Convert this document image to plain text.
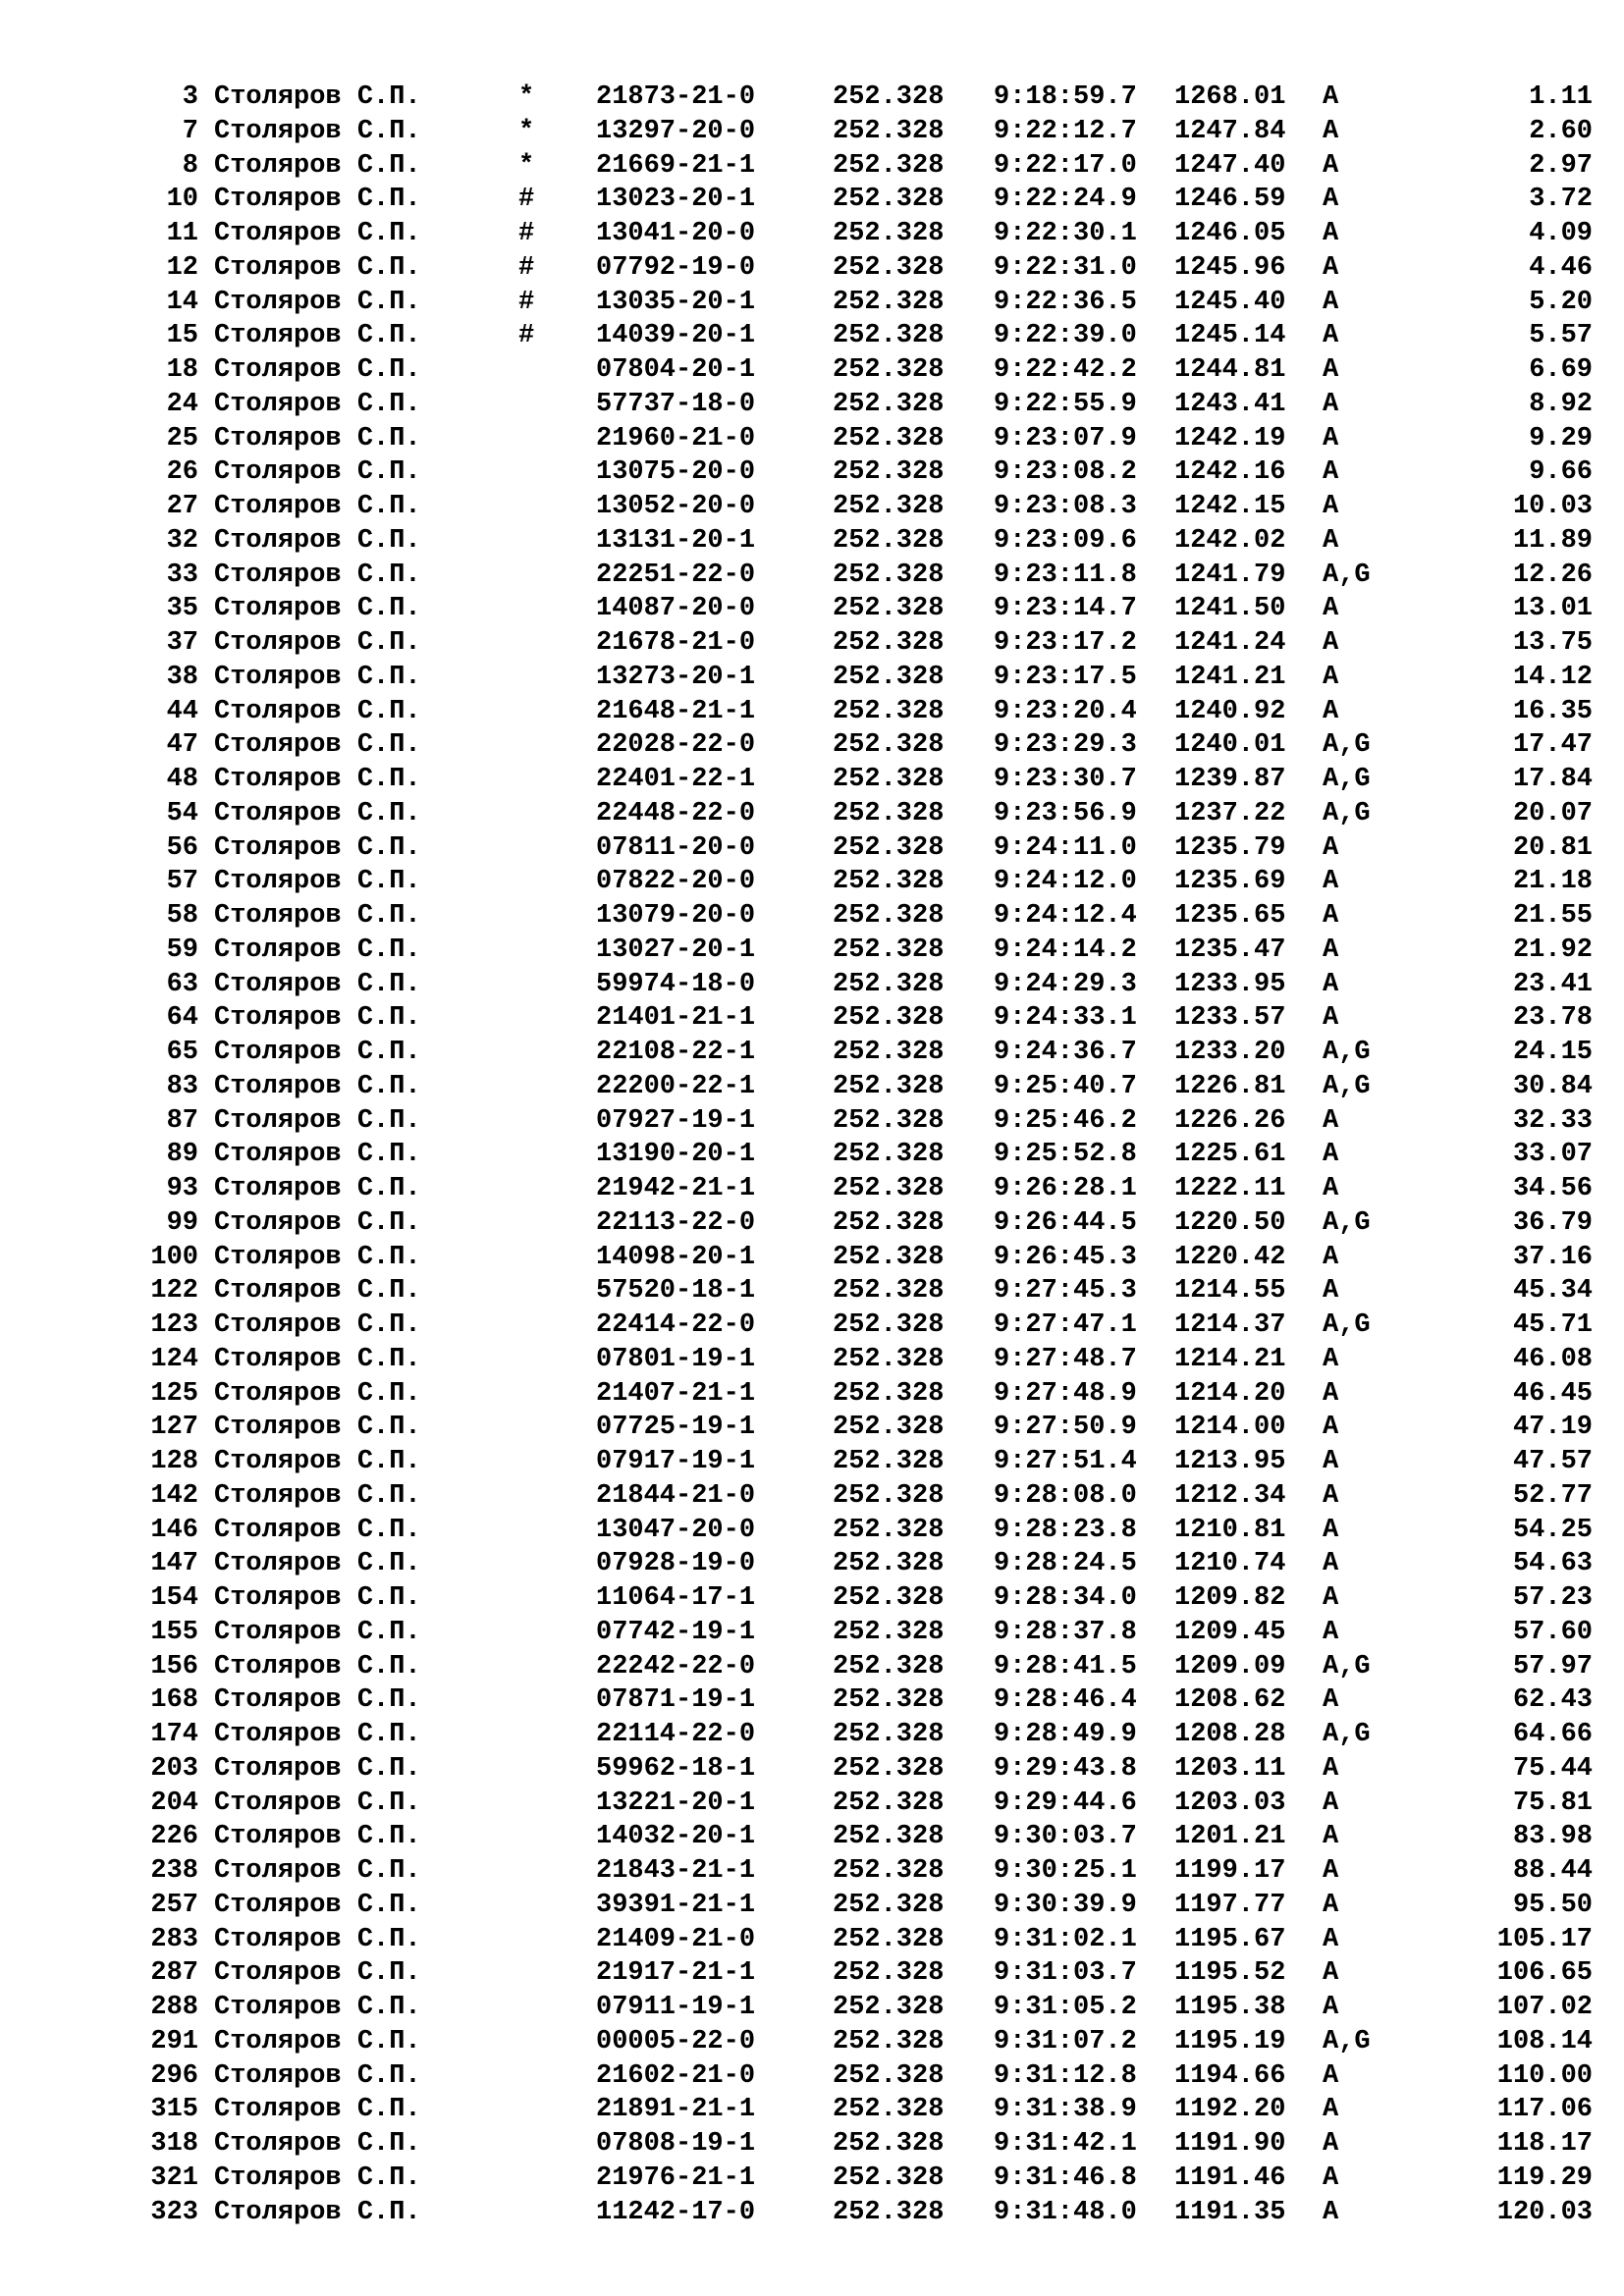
3 Столяров С.П.	* 21873-21-0	252.328 9:18:59.7 1268.01 A	1.11
7 Столяров С.П.	* 13297-20-0	252.328 9:22:12.7 1247.84 A	2.60
8 Столяров С.П.	* 21669-21-1	252.328 9:22:17.0 1247.40 A	2.97
10 Столяров С.П.	# 13023-20-1	252.328 9:22:24.9 1246.59 A	3.72
11 Столяров С.П.	# 13041-20-0	252.328 9:22:30.1 1246.05 A	4.09
12 Столяров С.П.	# 07792-19-0	252.328 9:22:31.0 1245.96 A	4.46
14 Столяров С.П.	# 13035-20-1	252.328 9:22:36.5 1245.40 A	5.20
15 Столяров С.П.	# 14039-20-1	252.328 9:22:39.0 1245.14 A	5.57
18 Столяров С.П.	07804-20-1	252.328 9:22:42.2 1244.81 A	6.69
24 Столяров С.П.	57737-18-0	252.328 9:22:55.9 1243.41 A	8.92
25 Столяров С.П.	21960-21-0	252.328 9:23:07.9 1242.19 A	9.29
26 Столяров С.П.	13075-20-0	252.328 9:23:08.2 1242.16 A	9.66
27 Столяров С.П.	13052-20-0	252.328 9:23:08.3 1242.15 A	10.03
32 Столяров С.П.	13131-20-1	252.328 9:23:09.6 1242.02 A	11.89
33 Столяров С.П.	22251-22-0	252.328 9:23:11.8 1241.79 A,G	12.26
35 Столяров С.П.	14087-20-0	252.328 9:23:14.7 1241.50 A	13.01
37 Столяров С.П.	21678-21-0	252.328 9:23:17.2 1241.24 A	13.75
38 Столяров С.П.	13273-20-1	252.328 9:23:17.5 1241.21 A	14.12
44 Столяров С.П.	21648-21-1	252.328 9:23:20.4 1240.92 A	16.35
47 Столяров С.П.	22028-22-0	252.328 9:23:29.3 1240.01 A,G	17.47
48 Столяров С.П.	22401-22-1	252.328 9:23:30.7 1239.87 A,G	17.84
54 Столяров С.П.	22448-22-0	252.328 9:23:56.9 1237.22 A,G	20.07
56 Столяров С.П.	07811-20-0	252.328 9:24:11.0 1235.79 A	20.81
57 Столяров С.П.	07822-20-0	252.328 9:24:12.0 1235.69 A	21.18
58 Столяров С.П.	13079-20-0	252.328 9:24:12.4 1235.65 A	21.55
59 Столяров С.П.	13027-20-1	252.328 9:24:14.2 1235.47 A	21.92
63 Столяров С.П.	59974-18-0	252.328 9:24:29.3 1233.95 A	23.41
64 Столяров С.П.	21401-21-1	252.328 9:24:33.1 1233.57 A	23.78
65 Столяров С.П.	22108-22-1	252.328 9:24:36.7 1233.20 A,G	24.15
83 Столяров С.П.	22200-22-1	252.328 9:25:40.7 1226.81 A,G	30.84
87 Столяров С.П.	07927-19-1	252.328 9:25:46.2 1226.26 A	32.33
89 Столяров С.П.	13190-20-1	252.328 9:25:52.8 1225.61 A	33.07
93 Столяров С.П.	21942-21-1	252.328 9:26:28.1 1222.11 A	34.56
99 Столяров С.П.	22113-22-0	252.328 9:26:44.5 1220.50 A,G	36.79
100 Столяров С.П.	14098-20-1	252.328 9:26:45.3 1220.42 A	37.16
122 Столяров С.П.	57520-18-1	252.328 9:27:45.3 1214.55 A	45.34
123 Столяров С.П.	22414-22-0	252.328 9:27:47.1 1214.37 A,G	45.71
124 Столяров С.П.	07801-19-1	252.328 9:27:48.7 1214.21 A	46.08
125 Столяров С.П.	21407-21-1	252.328 9:27:48.9 1214.20 A	46.45
127 Столяров С.П.	07725-19-1	252.328 9:27:50.9 1214.00 A	47.19
128 Столяров С.П.	07917-19-1	252.328 9:27:51.4 1213.95 A	47.57
142 Столяров С.П.	21844-21-0	252.328 9:28:08.0 1212.34 A	52.77
146 Столяров С.П.	13047-20-0	252.328 9:28:23.8 1210.81 A	54.25
147 Столяров С.П.	07928-19-0	252.328 9:28:24.5 1210.74 A	54.63
154 Столяров С.П.	11064-17-1	252.328 9:28:34.0 1209.82 A	57.23
155 Столяров С.П.	07742-19-1	252.328 9:28:37.8 1209.45 A	57.60
156 Столяров С.П.	22242-22-0	252.328 9:28:41.5 1209.09 A,G	57.97
168 Столяров С.П.	07871-19-1	252.328 9:28:46.4 1208.62 A	62.43
174 Столяров С.П.	22114-22-0	252.328 9:28:49.9 1208.28 A,G	64.66
203 Столяров С.П.	59962-18-1	252.328 9:29:43.8 1203.11 A	75.44
204 Столяров С.П.	13221-20-1	252.328 9:29:44.6 1203.03 A	75.81
226 Столяров С.П.	14032-20-1	252.328 9:30:03.7 1201.21 A	83.98
238 Столяров С.П.	21843-21-1	252.328 9:30:25.1 1199.17 A	88.44
257 Столяров С.П.	39391-21-1	252.328 9:30:39.9 1197.77 A	95.50
283 Столяров С.П.	21409-21-0	252.328 9:31:02.1 1195.67 A	105.17
287 Столяров С.П.	21917-21-1	252.328 9:31:03.7 1195.52 A	106.65
288 Столяров С.П.	07911-19-1	252.328 9:31:05.2 1195.38 A	107.02
291 Столяров С.П.	00005-22-0	252.328 9:31:07.2 1195.19 A,G	108.14
296 Столяров С.П.	21602-21-0	252.328 9:31:12.8 1194.66 A	110.00
315 Столяров С.П.	21891-21-1	252.328 9:31:38.9 1192.20 A	117.06
318 Столяров С.П.	07808-19-1	252.328 9:31:42.1 1191.90 A	118.17
321 Столяров С.П.	21976-21-1	252.328 9:31:46.8 1191.46 A	119.29
323 Столяров С.П.	11242-17-0	252.328 9:31:48.0 1191.35 A	120.03
